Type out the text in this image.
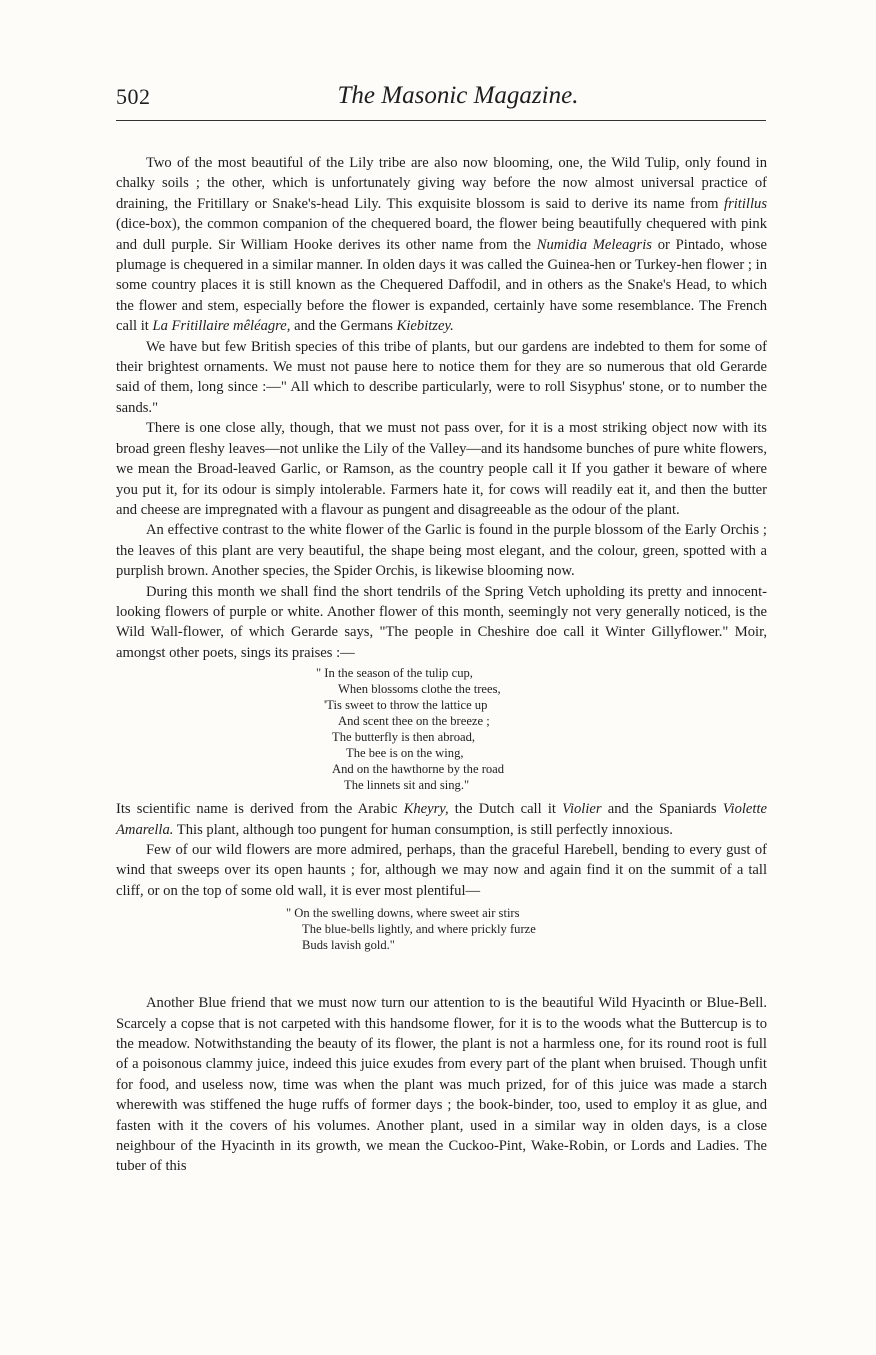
502	The Masonic Magazine.

Two of the most beautiful of the Lily tribe are also now blooming, one, the Wild Tulip, only found in chalky soils ; the other, which is unfortunately giving way before the now almost universal practice of draining, the Fritillary or Snake's-head Lily. This exquisite blossom is said to derive its name from fritillus (dice-box), the common companion of the chequered board, the flower being beautifully chequered with pink and dull purple. Sir William Hooke derives its other name from the Numidia Meleagris or Pintado, whose plumage is chequered in a similar manner. In olden days it was called the Guinea-hen or Turkey-hen flower ; in some country places it is still known as the Chequered Daffodil, and in others as the Snake's Head, to which the flower and stem, especially before the flower is expanded, certainly have some resemblance. The French call it La Fritillaire mêléagre, and the Germans Kiebitzey.

We have but few British species of this tribe of plants, but our gardens are indebted to them for some of their brightest ornaments. We must not pause here to notice them for they are so numerous that old Gerarde said of them, long since :—" All which to describe particularly, were to roll Sisyphus' stone, or to number the sands."

There is one close ally, though, that we must not pass over, for it is a most striking object now with its broad green fleshy leaves—not unlike the Lily of the Valley—and its handsome bunches of pure white flowers, we mean the Broad-leaved Garlic, or Ramson, as the country people call it If you gather it beware of where you put it, for its odour is simply intolerable. Farmers hate it, for cows will readily eat it, and then the butter and cheese are impregnated with a flavour as pungent and disagreeable as the odour of the plant.

An effective contrast to the white flower of the Garlic is found in the purple blossom of the Early Orchis ; the leaves of this plant are very beautiful, the shape being most elegant, and the colour, green, spotted with a purplish brown. Another species, the Spider Orchis, is likewise blooming now.

During this month we shall find the short tendrils of the Spring Vetch upholding its pretty and innocent-looking flowers of purple or white. Another flower of this month, seemingly not very generally noticed, is the Wild Wall-flower, of which Gerarde says, "The people in Cheshire doe call it Winter Gillyflower." Moir, amongst other poets, sings its praises :—

" In the season of the tulip cup,
When blossoms clothe the trees,
'Tis sweet to throw the lattice up
And scent thee on the breeze ;
The butterfly is then abroad,
The bee is on the wing,
And on the hawthorne by the road
The linnets sit and sing."

Its scientific name is derived from the Arabic Kheyry, the Dutch call it Violier and the Spaniards Violette Amarella. This plant, although too pungent for human consumption, is still perfectly innoxious.

Few of our wild flowers are more admired, perhaps, than the graceful Harebell, bending to every gust of wind that sweeps over its open haunts ; for, although we may now and again find it on the summit of a tall cliff, or on the top of some old wall, it is ever most plentiful—

" On the swelling downs, where sweet air stirs
The blue-bells lightly, and where prickly furze
Buds lavish gold."

Another Blue friend that we must now turn our attention to is the beautiful Wild Hyacinth or Blue-Bell. Scarcely a copse that is not carpeted with this handsome flower, for it is to the woods what the Buttercup is to the meadow. Notwithstanding the beauty of its flower, the plant is not a harmless one, for its round root is full of a poisonous clammy juice, indeed this juice exudes from every part of the plant when bruised. Though unfit for food, and useless now, time was when the plant was much prized, for of this juice was made a starch wherewith was stiffened the huge ruffs of former days ; the book-binder, too, used to employ it as glue, and fasten with it the covers of his volumes. Another plant, used in a similar way in olden days, is a close neighbour of the Hyacinth in its growth, we mean the Cuckoo-Pint, Wake-Robin, or Lords and Ladies. The tuber of this
